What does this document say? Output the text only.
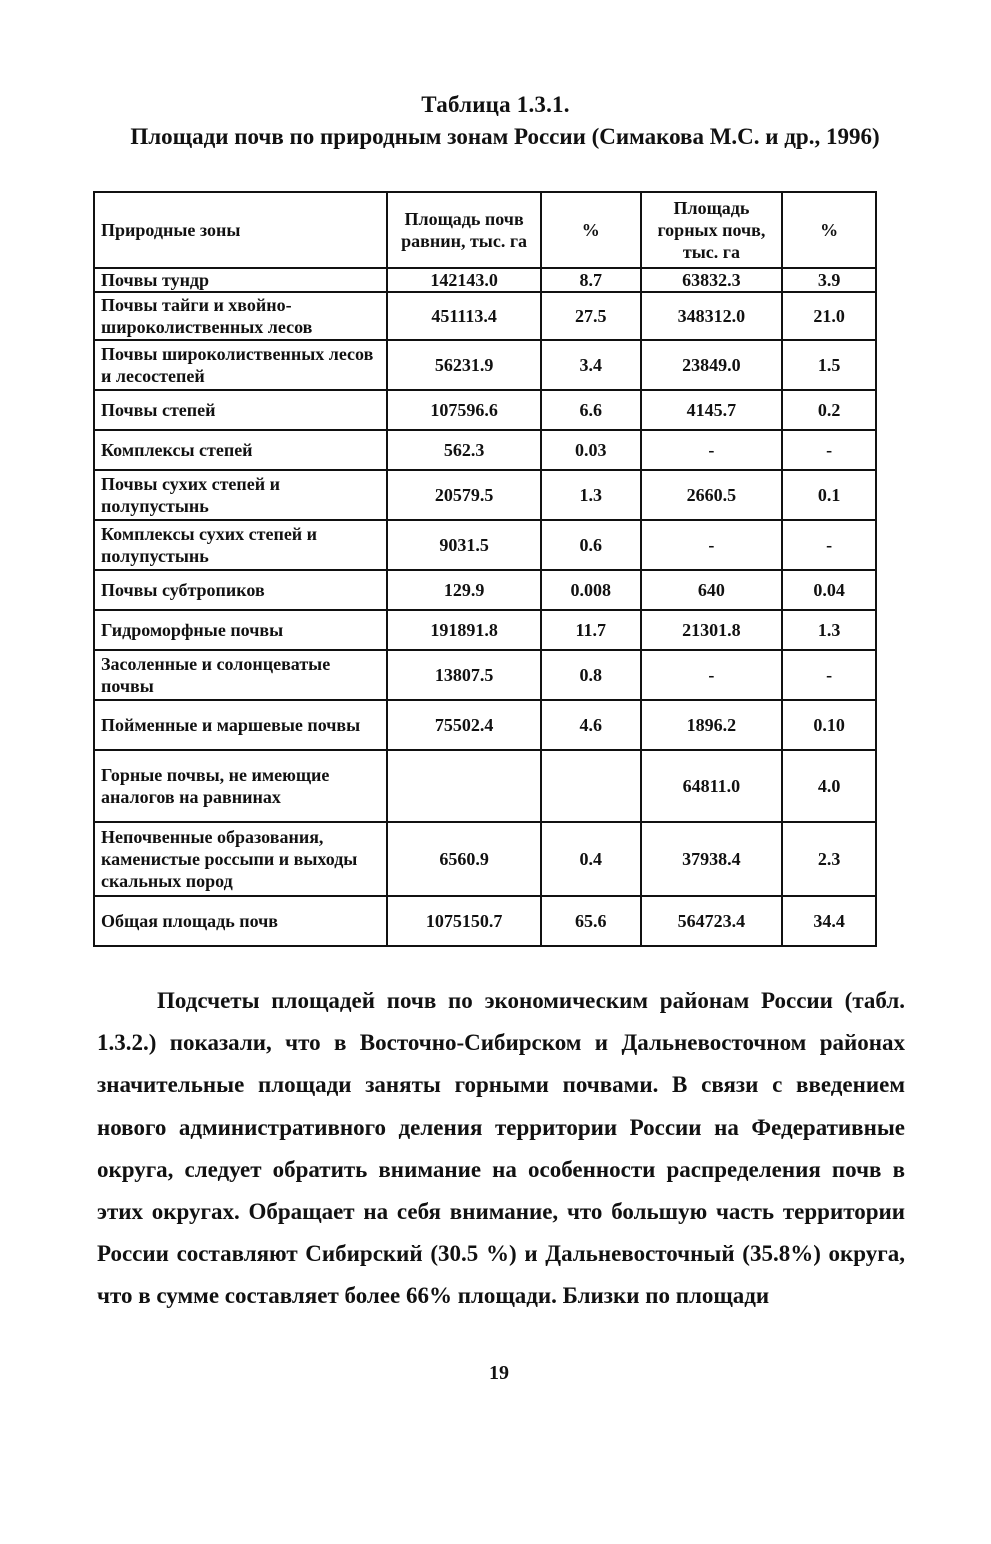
Таблица 1.3.1.
Площади почв по природным зонам России (Симакова М.С. и др., 1996)
Природные зоны	Площадь почв равнин, тыс. га	%	Площадь горных почв, тыс. га	%
Почвы тундр	142143.0	8.7	63832.3	3.9
Почвы тайги и хвойно-широколиственных лесов	451113.4	27.5	348312.0	21.0
Почвы широколиственных лесов и лесостепей	56231.9	3.4	23849.0	1.5
Почвы степей	107596.6	6.6	4145.7	0.2
Комплексы степей	562.3	0.03	-	-
Почвы сухих степей и полупустынь	20579.5	1.3	2660.5	0.1
Комплексы сухих степей и полупустынь	9031.5	0.6	-	-
Почвы субтропиков	129.9	0.008	640	0.04
Гидроморфные почвы	191891.8	11.7	21301.8	1.3
Засоленные и солонцеватые почвы	13807.5	0.8	-	-
Пойменные и маршевые почвы	75502.4	4.6	1896.2	0.10
Горные почвы, не имеющие аналогов на равнинах			64811.0	4.0
Непочвенные образования, каменистые россыпи и выходы скальных пород	6560.9	0.4	37938.4	2.3
Общая площадь почв	1075150.7	65.6	564723.4	34.4

Подсчеты площадей почв по экономическим районам России (табл. 1.3.2.) показали, что в Восточно-Сибирском и Дальневосточном районах значительные площади заняты горными почвами. В связи с введением нового административного деления территории России на Федеративные округа, следует обратить внимание на особенности распределения почв в этих округах. Обращает на себя внимание, что большую часть территории России составляют Сибирский (30.5 %) и Дальневосточный (35.8%) округа, что в сумме составляет более 66% площади. Близки по площади

19
